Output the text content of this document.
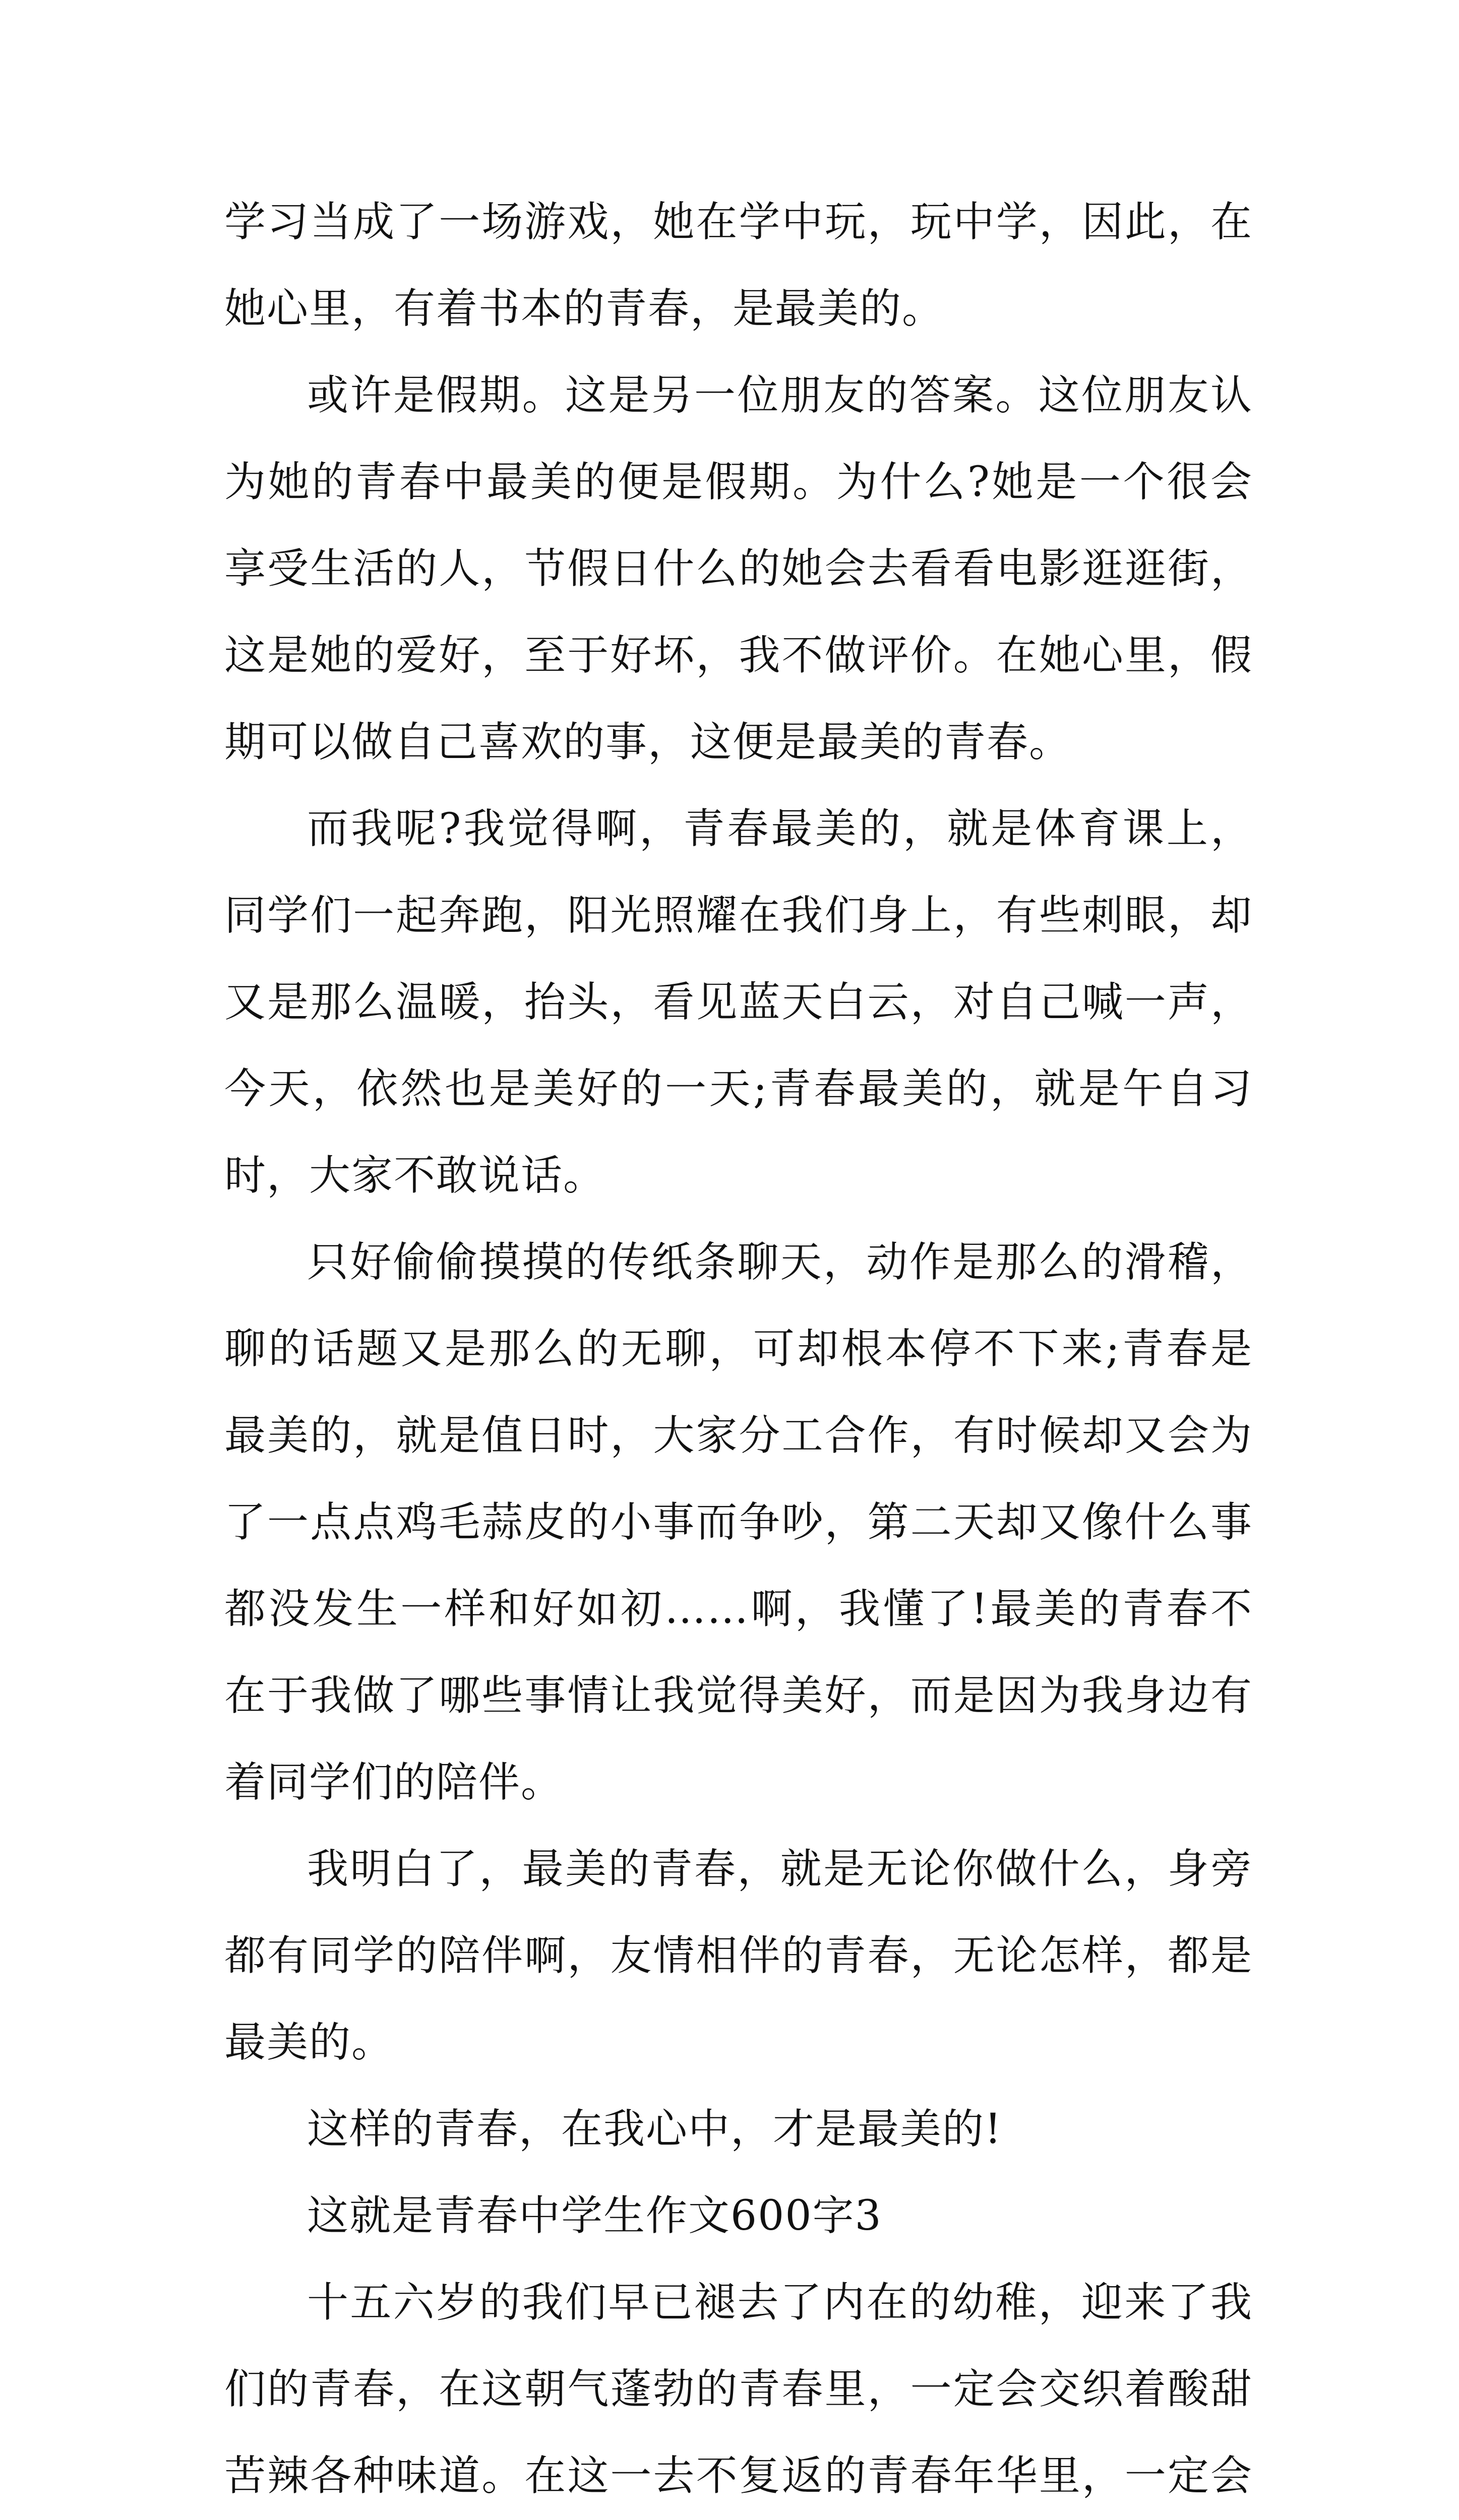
学习当成了一场游戏，她在学中玩，玩中学，因此，在她心里，有着书本的青春，是最美的。

或许是假期。这是另一位朋友的答案。这位朋友认为她的青春中最美的便是假期。为什么?她是一个很会享受生活的人，节假日什么的她会去看看电影逛逛街，这是她的爱好，至于好坏，我不做评价。在她心里，假期可以做自己喜欢的事，这便是最美的青春。

而我呢?我觉得啊，青春最美的，就是体育课上，同学们一起奔跑，阳光照耀在我们身上，有些刺眼，却又是那么温暖，抬头，看见蓝天白云，对自己喊一声，今天，依然也是美好的一天;青春最美的，就是午自习时，大家不敢说话。

只好偷偷摸摸的传纸条聊天，动作是那么的滑稽，聊的话题又是那么的无聊，可却根本停不下来;青春是最美的，就是值日时，大家分工合作，有时候却又会为了一点点鸡毛蒜皮的小事而争吵，第二天却又像什么事都没发生一样和好如初……啊，我懂了!最美的青春不在于我做了哪些事情让我觉得美好，而是因为我身边有着同学们的陪伴。

我明白了，最美的青春，就是无论你做什么，身旁都有同学的陪伴啊，友情相伴的青春，无论怎样，都是最美的。

这样的青春，在我心中，才是最美的!

这就是青春中学生作文600字3

十五六岁的我们早已褪去了内在的幼稚，迎来了我们的青春，在这朝气蓬勃的青春里，一定会交织着酸甜苦辣各种味道。在这一去不复返的青春年华里，一定会
